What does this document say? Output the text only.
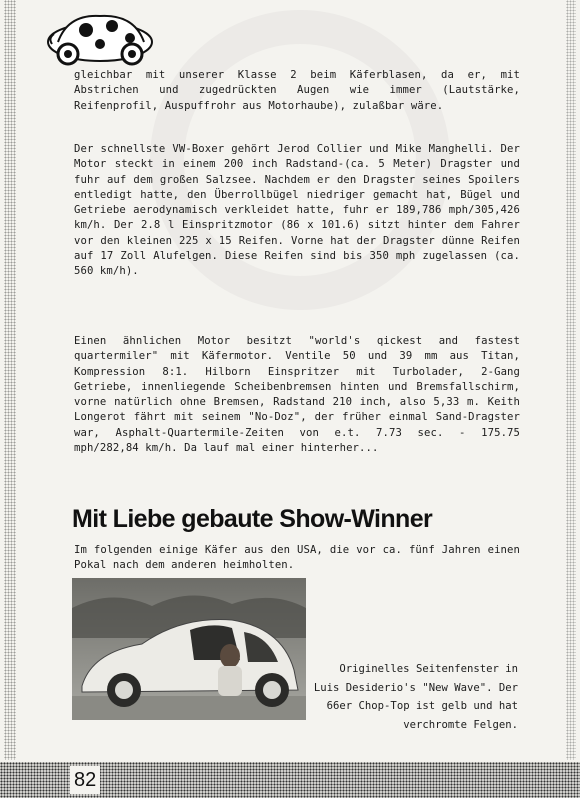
gleichbar mit unserer Klasse 2 beim Käferblasen, da er, mit Abstrichen und zugedrückten Augen wie immer (Lautstärke, Reifenprofil, Auspuffrohr aus Motorhaube), zulaßbar wäre.
Der schnellste VW-Boxer gehört Jerod Collier und Mike Manghelli. Der Motor steckt in einem 200 inch Radstand-(ca. 5 Meter) Dragster und fuhr auf dem großen Salzsee. Nachdem er den Dragster seines Spoilers entledigt hatte, den Überrollbügel niedriger gemacht hat, Bügel und Getriebe aerodynamisch verkleidet hatte, fuhr er 189,786 mph/305,426 km/h. Der 2.8 l Einspritzmotor (86 x 101.6) sitzt hinter dem Fahrer vor den kleinen 225 x 15 Reifen. Vorne hat der Dragster dünne Reifen auf 17 Zoll Alufelgen. Diese Reifen sind bis 350 mph zugelassen (ca. 560 km/h).
Einen ähnlichen Motor besitzt "world's qickest and fastest quartermiler" mit Käfermotor. Ventile 50 und 39 mm aus Titan, Kompression 8:1. Hilborn Einspritzer mit Turbolader, 2-Gang Getriebe, innenliegende Scheibenbremsen hinten und Bremsfallschirm, vorne natürlich ohne Bremsen, Radstand 210 inch, also 5,33 m. Keith Longerot fährt mit seinem "No-Doz", der früher einmal Sand-Dragster war, Asphalt-Quartermile-Zeiten von e.t. 7.73 sec. - 175.75 mph/282,84 km/h. Da lauf mal einer hinterher...
Mit Liebe gebaute Show-Winner
Im folgenden einige Käfer aus den USA, die vor ca. fünf Jahren einen Pokal nach dem anderen heimholten.
Originelles Seitenfenster in Luis Desiderio's "New Wave". Der 66er Chop-Top ist gelb und hat verchromte Felgen.
82
